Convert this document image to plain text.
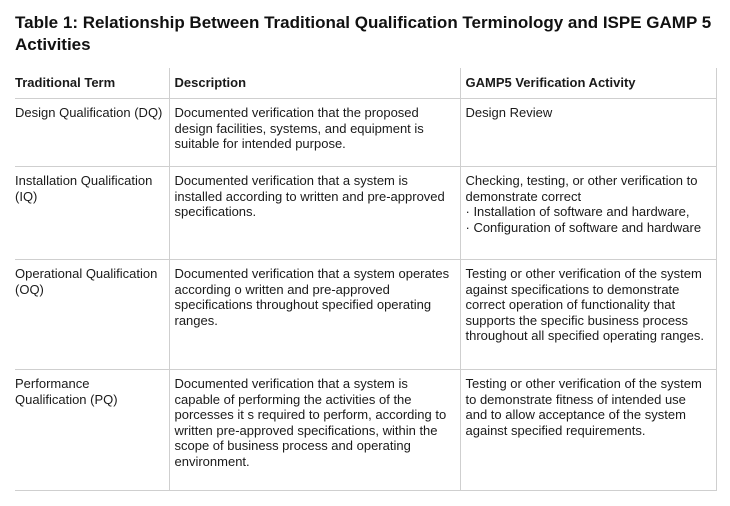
Table 1: Relationship Between Traditional Qualification Terminology and ISPE GAMP 5 Activities
Traditional Term	Description	GAMP5 Verification Activity
Design Qualification (DQ)	Documented verification that the proposed design facilities, systems, and equipment is suitable for intended purpose.	Design Review
Installation Qualification (IQ)	Documented verification that a system is installed according to written and pre-approved specifications.	Checking, testing, or other verification to demonstrate correct
· Installation of software and hardware,
· Configuration of software and hardware

Operational Qualification (OQ)	Documented verification that a system operates according o written and pre-approved specifications throughout specified operating ranges.	Testing or other verification of the system against specifications to demonstrate correct operation of functionality that supports the specific business process throughout all specified operating ranges.
Performance Qualification (PQ)	Documented verification that a system is capable of performing the activities of the porcesses it s required to perform, according to written pre-approved specifications, within the scope of business process and operating environment.	Testing or other verification of the system to demonstrate fitness of intended use and to allow acceptance of the system against specified requirements.
